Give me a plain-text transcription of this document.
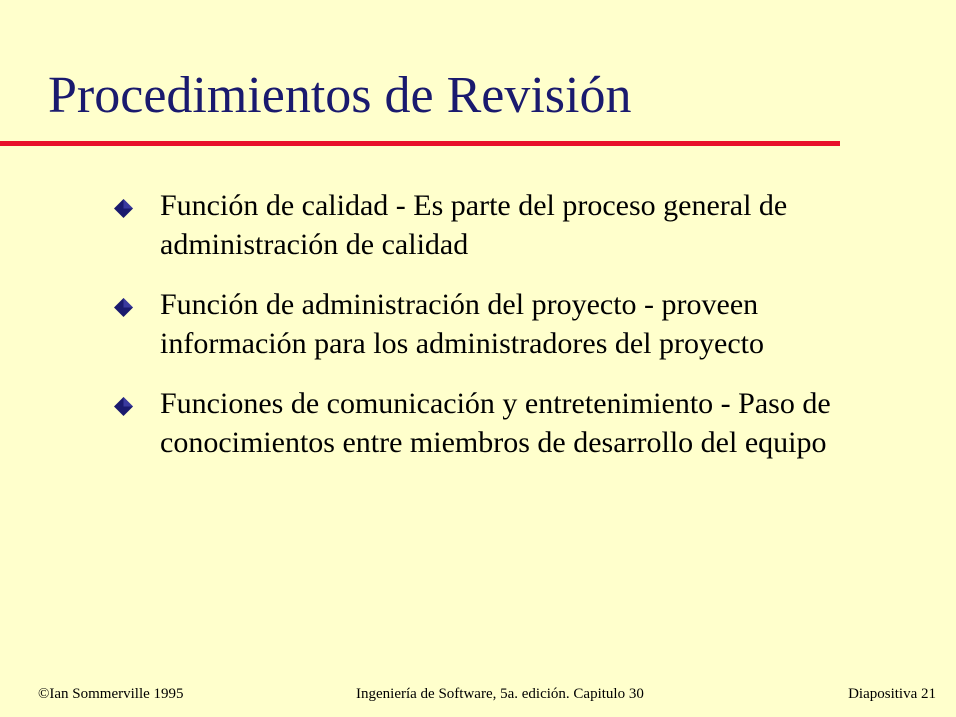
Procedimientos de Revisión
Función de calidad - Es parte del proceso general de administración de calidad
Función de administración del proyecto - proveen información para los administradores del proyecto
Funciones de comunicación y entretenimiento - Paso de conocimientos entre miembros de desarrollo del equipo
©Ian Sommerville 1995	Ingeniería de Software, 5a. edición. Capitulo 30	Diapositiva 21
